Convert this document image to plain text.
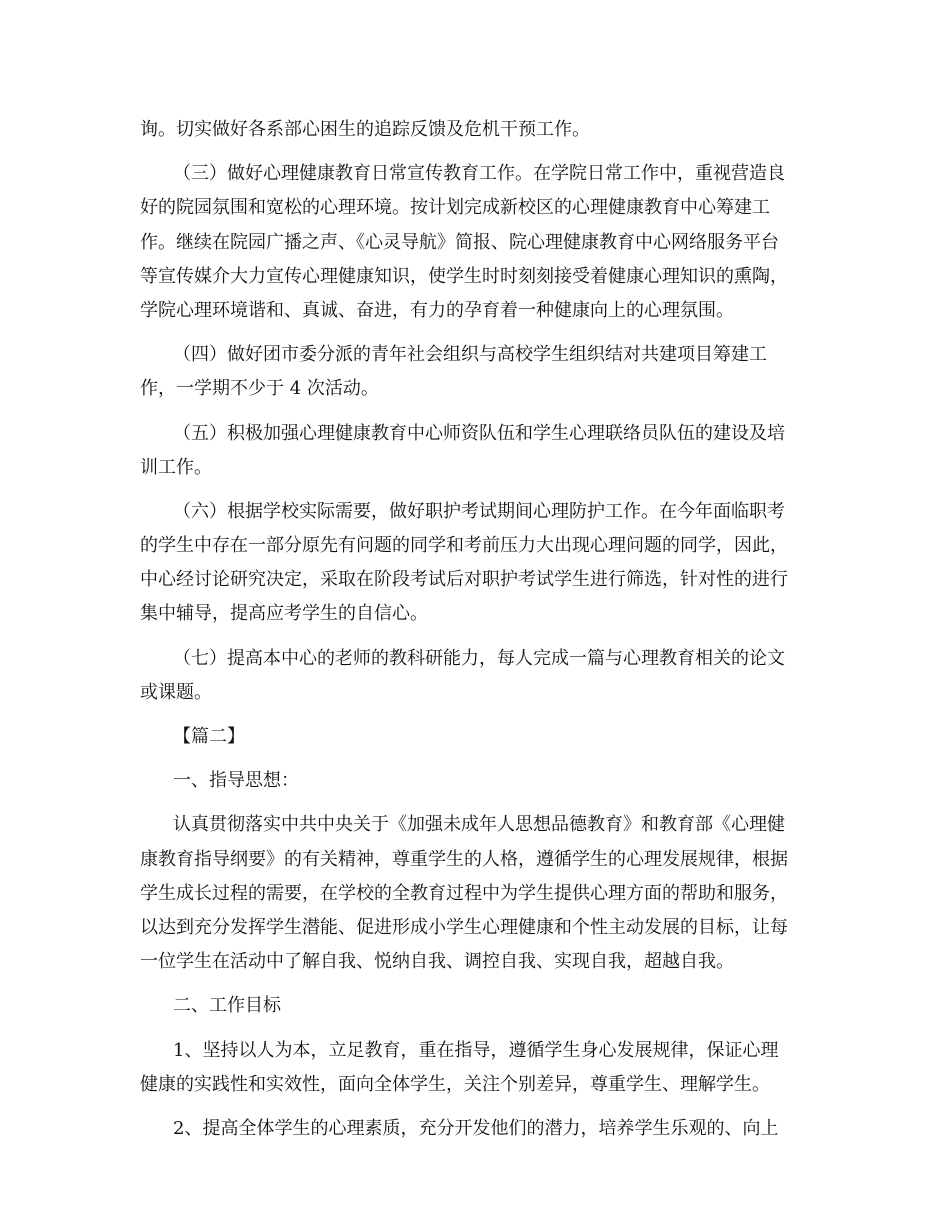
询。切实做好各系部心困生的追踪反馈及危机干预工作。
（三）做好心理健康教育日常宣传教育工作。在学院日常工作中，重视营造良
好的院园氛围和宽松的心理环境。按计划完成新校区的心理健康教育中心筹建工
作。继续在院园广播之声、《心灵导航》简报、院心理健康教育中心网络服务平台
等宣传媒介大力宣传心理健康知识，使学生时时刻刻接受着健康心理知识的熏陶，
学院心理环境谐和、真诚、奋进，有力的孕育着一种健康向上的心理氛围。
（四）做好团市委分派的青年社会组织与高校学生组织结对共建项目筹建工
作，一学期不少于 4 次活动。
（五）积极加强心理健康教育中心师资队伍和学生心理联络员队伍的建设及培
训工作。
（六）根据学校实际需要，做好职护考试期间心理防护工作。在今年面临职考
的学生中存在一部分原先有问题的同学和考前压力大出现心理问题的同学，因此，
中心经讨论研究决定，采取在阶段考试后对职护考试学生进行筛选，针对性的进行
集中辅导，提高应考学生的自信心。
（七）提高本中心的老师的教科研能力，每人完成一篇与心理教育相关的论文
或课题。
【篇二】
一、指导思想：
认真贯彻落实中共中央关于《加强未成年人思想品德教育》和教育部《心理健
康教育指导纲要》的有关精神，尊重学生的人格，遵循学生的心理发展规律，根据
学生成长过程的需要，在学校的全教育过程中为学生提供心理方面的帮助和服务，
以达到充分发挥学生潜能、促进形成小学生心理健康和个性主动发展的目标，让每
一位学生在活动中了解自我、悦纳自我、调控自我、实现自我，超越自我。
二、工作目标
1、坚持以人为本，立足教育，重在指导，遵循学生身心发展规律，保证心理
健康的实践性和实效性，面向全体学生，关注个别差异，尊重学生、理解学生。
2、提高全体学生的心理素质，充分开发他们的潜力，培养学生乐观的、向上
